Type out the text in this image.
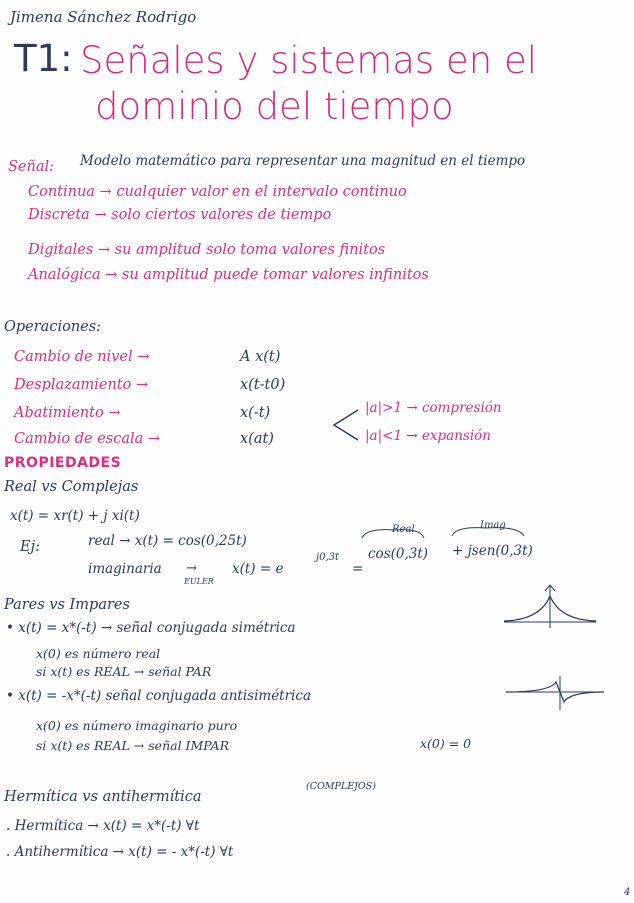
Jimena Sánchez Rodrigo
T1: Señales y sistemas en el
dominio del tiempo
Señal: Modelo matemático para representar una magnitud en el tiempo
Continua → cualquier valor en el intervalo continuo
Discreta → solo ciertos valores de tiempo
Digitales → su amplitud solo toma valores finitos
Analógica → su amplitud puede tomar valores infinitos
Operaciones:
Cambio de nivel →	A x(t)
Desplazamiento →	x(t-t0)
Abatimiento →	x(-t)
Cambio de escala →	x(at)
|a|>1 → compresión
|a|<1 → expansión
PROPIEDADES
Real vs Complejas
x(t) = xr(t) + j xi(t)
Ej:	real → x(t) = cos(0,25t)
Real	Imag
imaginaria →
EULER
x(t) = e
j0,3t
=
cos(0,3t) + jsen(0,3t)
Pares vs Impares
• x(t) = x*(-t) → señal conjugada simétrica
x(0) es número real
si x(t) es REAL → señal PAR
• x(t) = -x*(-t) señal conjugada antisimétrica
x(0) es número imaginario puro
si x(t) es REAL → señal IMPAR	x(0) = 0
Hermítica vs antihermítica
(COMPLEJOS)
. Hermítica → x(t) = x*(-t) ∀t
. Antihermítica → x(t) = - x*(-t) ∀t
4
